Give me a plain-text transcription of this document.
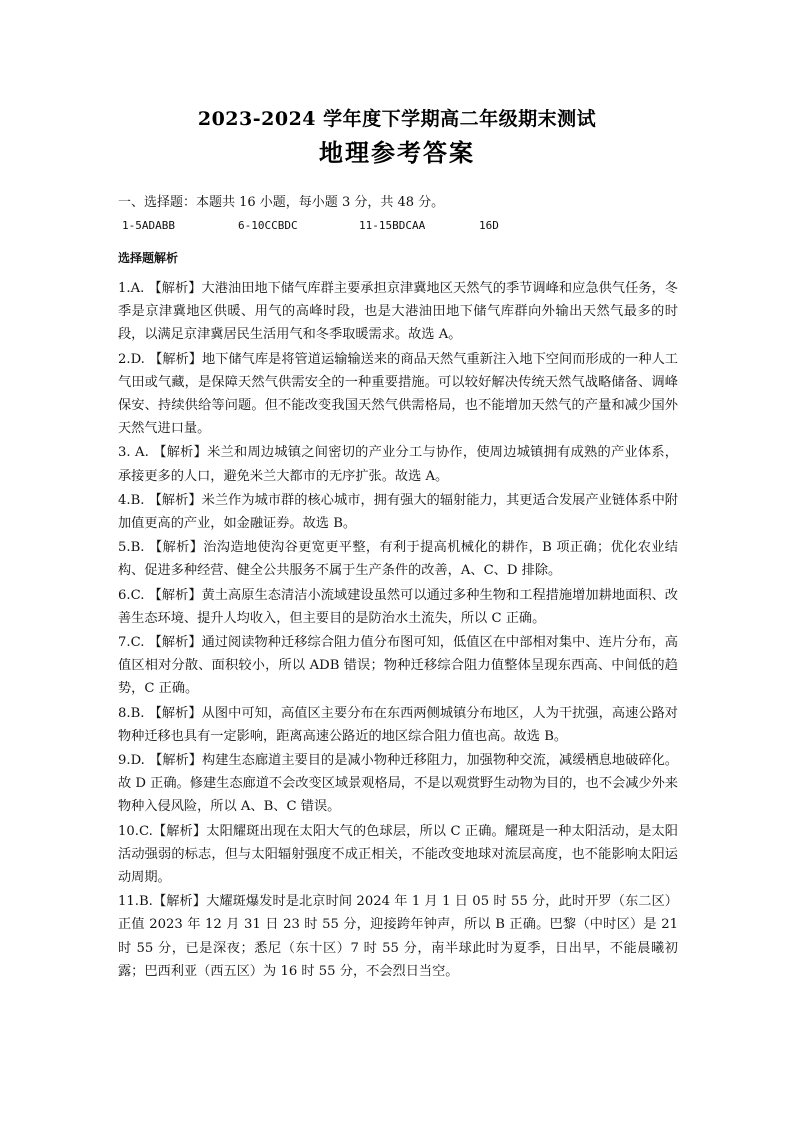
2023-2024 学年度下学期高二年级期末测试
地理参考答案

一、选择题：本题共 16 小题，每小题 3 分，共 48 分。

1-5ADABB	6-10CCBDC	11-15BDCAA	16D

选择题解析

1.A. 【解析】大港油田地下储气库群主要承担京津冀地区天然气的季节调峰和应急供气任务，冬季是京津冀地区供暖、用气的高峰时段，也是大港油田地下储气库群向外输出天然气最多的时段，以满足京津冀居民生活用气和冬季取暖需求。故选 A。

2.D. 【解析】地下储气库是将管道运输输送来的商品天然气重新注入地下空间而形成的一种人工气田或气藏，是保障天然气供需安全的一种重要措施。可以较好解决传统天然气战略储备、调峰保安、持续供给等问题。但不能改变我国天然气供需格局，也不能增加天然气的产量和减少国外天然气进口量。

3. A. 【解析】米兰和周边城镇之间密切的产业分工与协作，使周边城镇拥有成熟的产业体系，承接更多的人口，避免米兰大都市的无序扩张。故选 A。

4.B. 【解析】米兰作为城市群的核心城市，拥有强大的辐射能力，其更适合发展产业链体系中附加值更高的产业，如金融证券。故选 B。

5.B. 【解析】治沟造地使沟谷更宽更平整，有利于提高机械化的耕作，B 项正确；优化农业结构、促进多种经营、健全公共服务不属于生产条件的改善，A、C、D 排除。

6.C. 【解析】黄土高原生态清洁小流域建设虽然可以通过多种生物和工程措施增加耕地面积、改善生态环境、提升人均收入，但主要目的是防治水土流失，所以 C 正确。

7.C. 【解析】通过阅读物种迁移综合阻力值分布图可知，低值区在中部相对集中、连片分布，高值区相对分散、面积较小，所以 ADB 错误；物种迁移综合阻力值整体呈现东西高、中间低的趋势，C 正确。

8.B. 【解析】从图中可知，高值区主要分布在东西两侧城镇分布地区，人为干扰强，高速公路对物种迁移也具有一定影响，距离高速公路近的地区综合阻力值也高。故选 B。

9.D. 【解析】构建生态廊道主要目的是减小物种迁移阻力，加强物种交流，减缓栖息地破碎化。故 D 正确。修建生态廊道不会改变区域景观格局，不是以观赏野生动物为目的，也不会减少外来物种入侵风险，所以 A、B、C 错误。

10.C.【解析】太阳耀斑出现在太阳大气的色球层，所以 C 正确。耀斑是一种太阳活动，是太阳活动强弱的标志，但与太阳辐射强度不成正相关，不能改变地球对流层高度，也不能影响太阳运动周期。

11.B.【解析】大耀斑爆发时是北京时间 2024 年 1 月 1 日 05 时 55 分，此时开罗（东二区）正值 2023 年 12 月 31 日 23 时 55 分，迎接跨年钟声，所以 B 正确。巴黎（中时区）是 21 时 55 分，已是深夜；悉尼（东十区）7 时 55 分，南半球此时为夏季，日出早，不能晨曦初露；巴西利亚（西五区）为 16 时 55 分，不会烈日当空。
